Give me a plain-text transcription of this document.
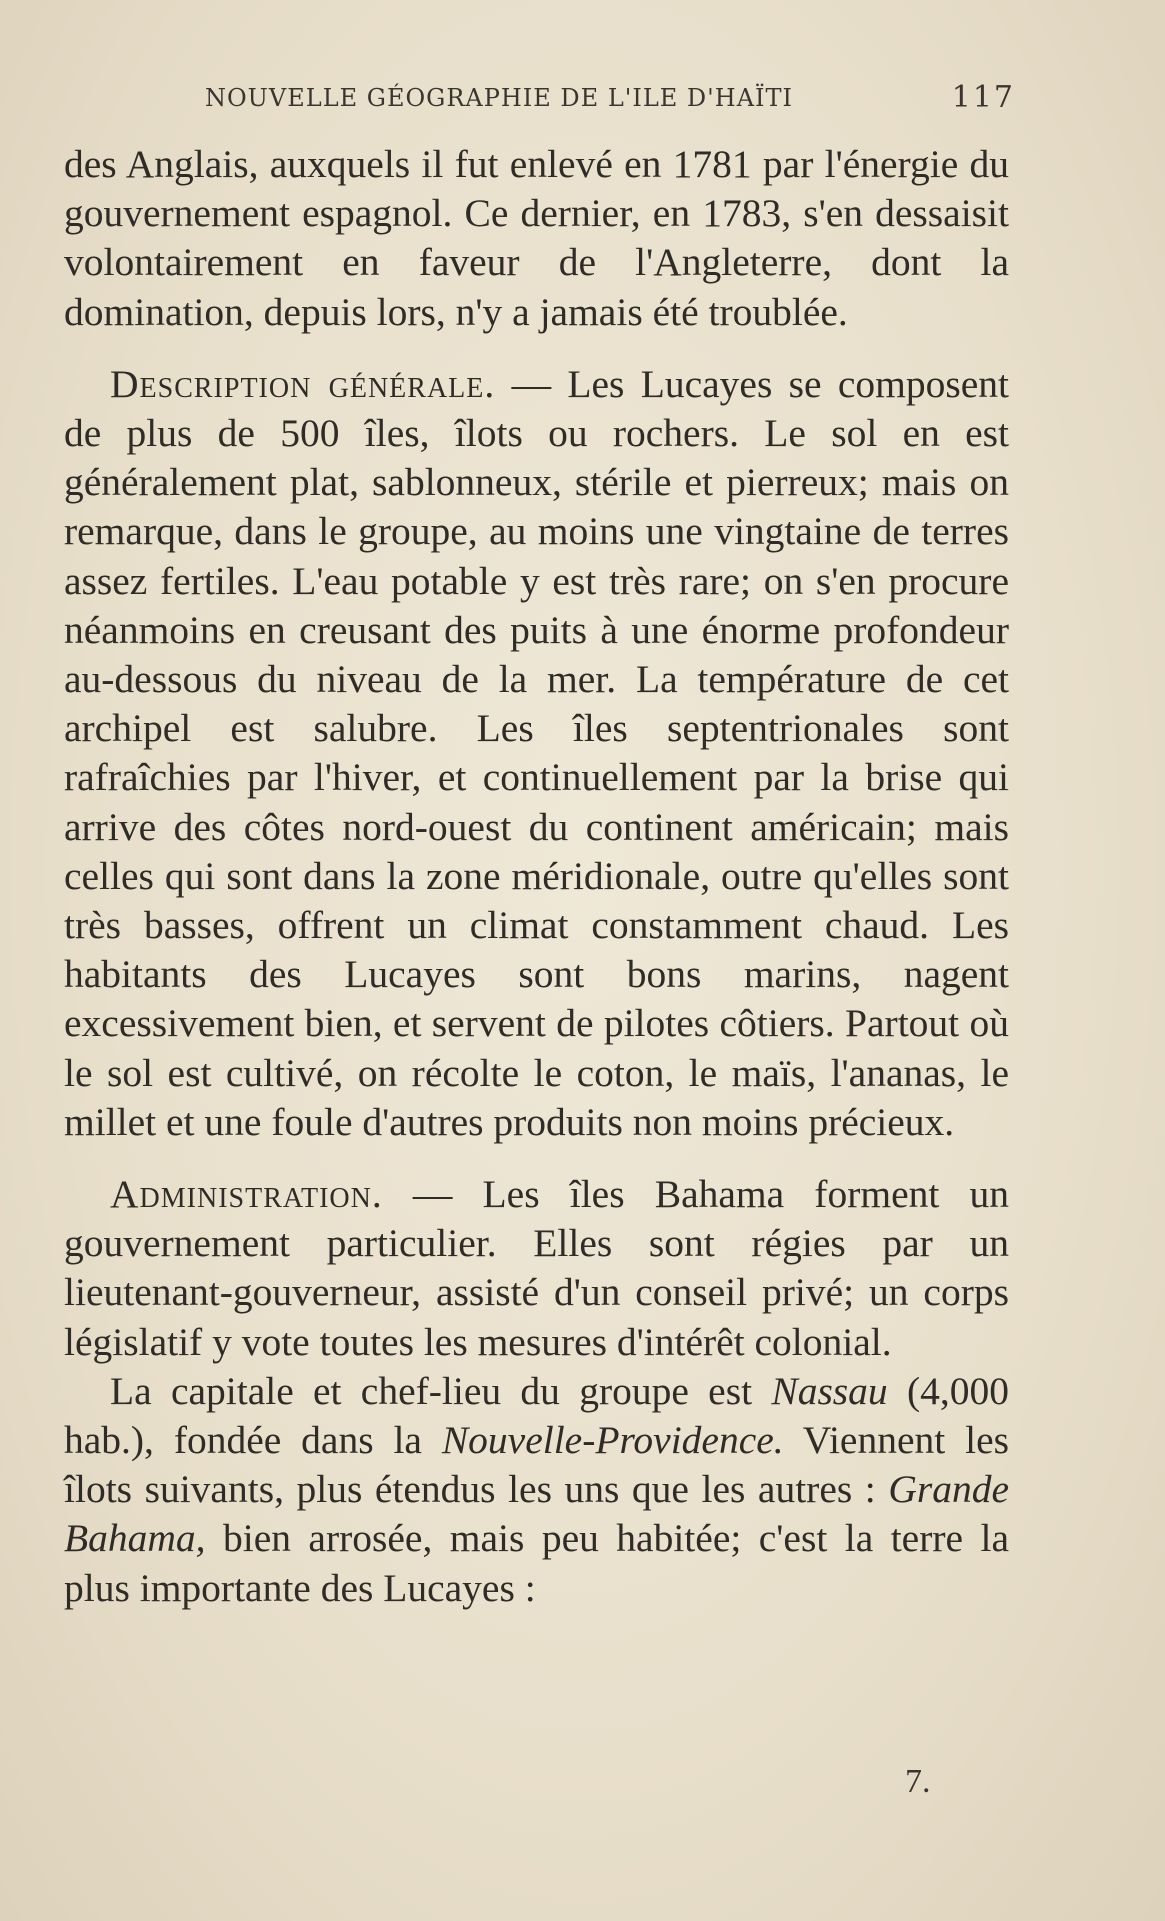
NOUVELLE GÉOGRAPHIE DE L'ILE D'HAÏTI	117

des Anglais, auxquels il fut enlevé en 1781 par l'énergie du gouvernement espagnol. Ce dernier, en 1783, s'en dessaisit volontairement en faveur de l'Angleterre, dont la domination, depuis lors, n'y a jamais été troublée.

Description générale. — Les Lucayes se composent de plus de 500 îles, îlots ou rochers. Le sol en est généralement plat, sablonneux, stérile et pierreux; mais on remarque, dans le groupe, au moins une vingtaine de terres assez fertiles. L'eau potable y est très rare; on s'en procure néanmoins en creusant des puits à une énorme profondeur au-dessous du niveau de la mer. La température de cet archipel est salubre. Les îles septentrionales sont rafraîchies par l'hiver, et continuellement par la brise qui arrive des côtes nord-ouest du continent américain; mais celles qui sont dans la zone méridionale, outre qu'elles sont très basses, offrent un climat constamment chaud. Les habitants des Lucayes sont bons marins, nagent excessivement bien, et servent de pilotes côtiers. Partout où le sol est cultivé, on récolte le coton, le maïs, l'ananas, le millet et une foule d'autres produits non moins précieux.

Administration. — Les îles Bahama forment un gouvernement particulier. Elles sont régies par un lieutenant-gouverneur, assisté d'un conseil privé; un corps législatif y vote toutes les mesures d'intérêt colonial.

La capitale et chef-lieu du groupe est Nassau (4,000 hab.), fondée dans la Nouvelle-Providence. Viennent les îlots suivants, plus étendus les uns que les autres : Grande Bahama, bien arrosée, mais peu habitée; c'est la terre la plus importante des Lucayes :

7.
